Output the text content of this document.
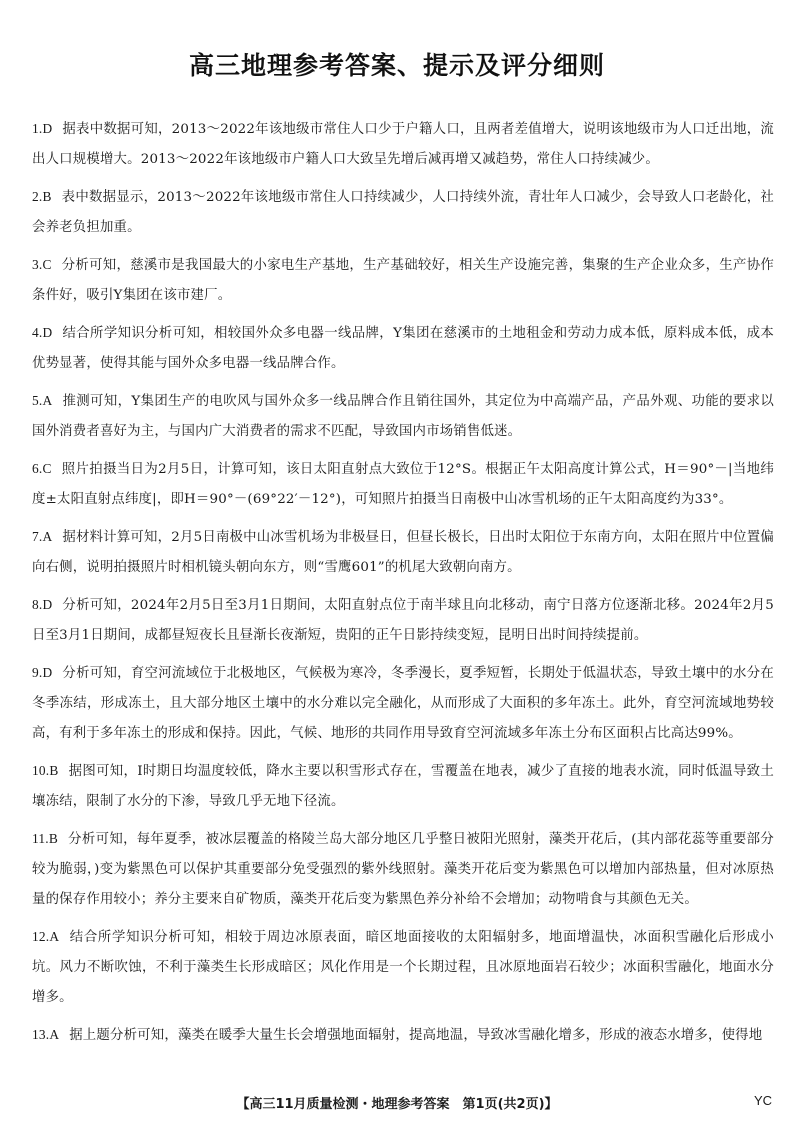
高三地理参考答案、提示及评分细则
1.D 据表中数据可知，2013～2022年该地级市常住人口少于户籍人口，且两者差值增大，说明该地级市为人口迁出地，流出人口规模增大。2013～2022年该地级市户籍人口大致呈先增后减再增又减趋势，常住人口持续减少。
2.B 表中数据显示，2013～2022年该地级市常住人口持续减少，人口持续外流，青壮年人口减少，会导致人口老龄化，社会养老负担加重。
3.C 分析可知，慈溪市是我国最大的小家电生产基地，生产基础较好，相关生产设施完善，集聚的生产企业众多，生产协作条件好，吸引Y集团在该市建厂。
4.D 结合所学知识分析可知，相较国外众多电器一线品牌，Y集团在慈溪市的土地租金和劳动力成本低，原料成本低，成本优势显著，使得其能与国外众多电器一线品牌合作。
5.A 推测可知，Y集团生产的电吹风与国外众多一线品牌合作且销往国外，其定位为中高端产品，产品外观、功能的要求以国外消费者喜好为主，与国内广大消费者的需求不匹配，导致国内市场销售低迷。
6.C 照片拍摄当日为2月5日，计算可知，该日太阳直射点大致位于12°S。根据正午太阳高度计算公式，H＝90°－|当地纬度±太阳直射点纬度|，即H＝90°－(69°22′－12°)，可知照片拍摄当日南极中山冰雪机场的正午太阳高度约为33°。
7.A 据材料计算可知，2月5日南极中山冰雪机场为非极昼日，但昼长极长，日出时太阳位于东南方向，太阳在照片中位置偏向右侧，说明拍摄照片时相机镜头朝向东方，则“雪鹰601”的机尾大致朝向南方。
8.D 分析可知，2024年2月5日至3月1日期间，太阳直射点位于南半球且向北移动，南宁日落方位逐渐北移。2024年2月5日至3月1日期间，成都昼短夜长且昼渐长夜渐短，贵阳的正午日影持续变短，昆明日出时间持续提前。
9.D 分析可知，育空河流域位于北极地区，气候极为寒冷，冬季漫长，夏季短暂，长期处于低温状态，导致土壤中的水分在冬季冻结，形成冻土，且大部分地区土壤中的水分难以完全融化，从而形成了大面积的多年冻土。此外，育空河流域地势较高，有利于多年冻土的形成和保持。因此，气候、地形的共同作用导致育空河流域多年冻土分布区面积占比高达99%。
10.B 据图可知，Ⅰ时期日均温度较低，降水主要以积雪形式存在，雪覆盖在地表，减少了直接的地表水流，同时低温导致土壤冻结，限制了水分的下渗，导致几乎无地下径流。
11.B 分析可知，每年夏季，被冰层覆盖的格陵兰岛大部分地区几乎整日被阳光照射，藻类开花后，(其内部花蕊等重要部分较为脆弱，)变为紫黑色可以保护其重要部分免受强烈的紫外线照射。藻类开花后变为紫黑色可以增加内部热量，但对冰原热量的保存作用较小；养分主要来自矿物质，藻类开花后变为紫黑色养分补给不会增加；动物啃食与其颜色无关。
12.A 结合所学知识分析可知，相较于周边冰原表面，暗区地面接收的太阳辐射多，地面增温快，冰面积雪融化后形成小坑。风力不断吹蚀，不利于藻类生长形成暗区；风化作用是一个长期过程，且冰原地面岩石较少；冰面积雪融化，地面水分增多。
13.A 据上题分析可知，藻类在暖季大量生长会增强地面辐射，提高地温，导致冰雪融化增多，形成的液态水增多，使得地
【高三11月质量检测・地理参考答案　第1页(共2页)】	YC
